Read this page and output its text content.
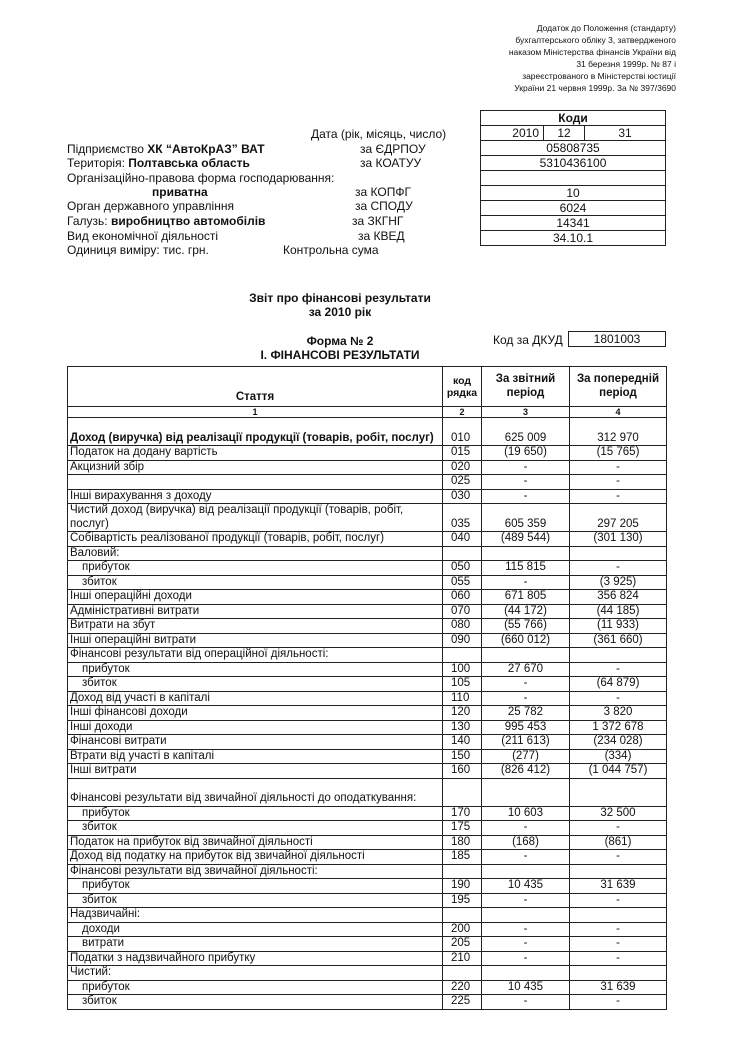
Додаток до Положення (стандарту)
бухгалтерського обліку 3, затвердженого
наказом Міністерства фінансів України від
31 березня 1999р. № 87 і
зареєстрованого в Міністерстві юстиції
України 21 червня 1999р. За № 397/3690
Коди
2010	12	31
05808735
5310436100

10
6024
14341
34.10.1
Дата (рік, місяць, число)
Підприємство ХК “АвтоКрАЗ” ВАТ	за ЄДРПОУ
Територія: Полтавська область	за КОАТУУ
Організаційно-правова форма господарювання:
приватна	за КОПФГ
Орган державного управління	за СПОДУ
Галузь: виробництво автомобілів	за ЗКГНГ
Вид економічної діяльності	за КВЕД
Одиниця виміру: тис. грн.	Контрольна сума
Звіт про фінансові результати
за 2010 рік
Форма № 2	Код за ДКУД	1801003
І. ФІНАНСОВІ РЕЗУЛЬТАТИ
Стаття	код рядка	За звітний період	За попередній період
1	2	3	4
Доход (виручка) від реалізації продукції (товарів, робіт, послуг)	010	625 009	312 970
Податок на додану вартість	015	(19 650)	(15 765)
Акцизний збір	020	-	-
	025	-	-
Інші вирахування з доходу	030	-	-
Чистий доход (виручка) від реалізації продукції (товарів, робіт, послуг)	035	605 359	297 205
Собівартість реалізованої продукції (товарів, робіт, послуг)	040	(489 544)	(301 130)
Валовий:			
прибуток	050	115 815	-
збиток	055	-	(3 925)
Інші операційні доходи	060	671 805	356 824
Адміністративні витрати	070	(44 172)	(44 185)
Витрати на збут	080	(55 766)	(11 933)
Інші операційні витрати	090	(660 012)	(361 660)
Фінансові результати від операційної діяльності:			
прибуток	100	27 670	-
збиток	105	-	(64 879)
Доход від участі в капіталі	110	-	-
Інші фінансові доходи	120	25 782	3 820
Інші доходи	130	995 453	1 372 678
Фінансові витрати	140	(211 613)	(234 028)
Втрати від участі в капіталі	150	(277)	(334)
Інші витрати	160	(826 412)	(1 044 757)
Фінансові результати від звичайної діяльності до оподаткування:			
прибуток	170	10 603	32 500
збиток	175	-	-
Податок на прибуток від звичайної діяльності	180	(168)	(861)
Доход від податку на прибуток від звичайної діяльності	185	-	-
Фінансові результати від звичайної діяльності:			
прибуток	190	10 435	31 639
збиток	195	-	-
Надзвичайні:			
доходи	200	-	-
витрати	205	-	-
Податки з надзвичайного прибутку	210	-	-
Чистий:			
прибуток	220	10 435	31 639
збиток	225	-	-
